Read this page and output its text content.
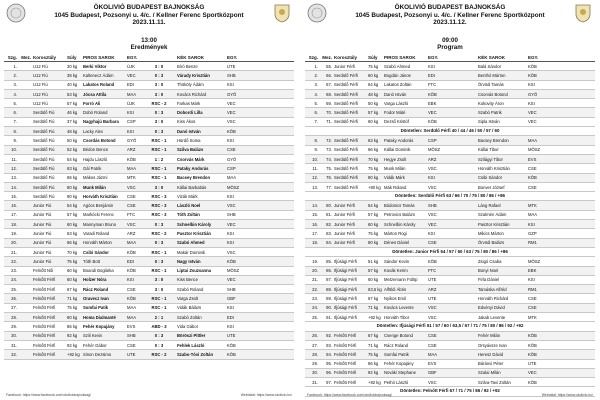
ÖKOLIVIÓ BUDAPEST BAJNOKSÁG
1045 Budapest, Pozsonyi u. 4/c. / Kellner Ferenc Sportközpont
2023.11.11.
13:00
Eredmények
Szg. Mez. Korosztály	Súly	PIROS SAROK	EGY.	KÉK SAROK	EGY.
1.	U12 Fiú	30 kg	Berki Viktor	ÚJK	3 : 0	Bíró Benze	UTE
2.	U12 Fiú	38 kg	Kaltenecz Ádám	VEC	0 : 3	Várady Krisztián	SHB
3.	U12 Fiú	40 kg	Lakatos Roland	EDI	3 : 0	Thököly Ádám	KSI
4.	U12 Fiú	53 kg	Jócsa Attila	MAA	3 : 0	Kovács Richárd	GYÖ
5.	U12 Fiú	57 kg	Forró Ali	ÚJK	RSC - 2	Farkas Márk	VEC
6.	Serdülő Fiú	46 kg	Dobó Roland	KSI	0 : 3	Dobordi Lilla	VEC
7.	Serdülő Fiú	37 kg	Nagyhajú Barbara	CSP	3 : 0	Kiss Ákos	VSC
8.	Serdülő Fiú	48 kg	Lacky Alex	KSI	0 : 3	Danó István	KÖB
9.	Serdülő Fiú	50 kg	Csordás Botond	GYÖ	RSC - 1	Hürdő Soma	KSI
10.	Serdülő Fiú	52 kg	Bédon Bence	ARZ	RSC - 1	Szilva Balázs	CSE
11.	Serdülő Fiú	54 kg	Hajdu László	KÖB	1 : 2	Csorvás Márk	GYÖ
12.	Serdülő Fiú	63 kg	Gál Patrik	MAA	RSC - 1	Pataky Andorás	CSP
13.	Serdülő Fiú	66 kg	Mákos Jázmi	MTK	RSC - 1	Bacsey Brendon	MAA
14.	Serdülő Fiú	80 kg	Munk Milán	VSC	3 : 0	Kállai Barbabás	MÖSZ
15.	Serdülő Fiú	90 kg	Horváth Krisztián	CSE	RSC - 3	Vizák Márk	KSI
16.	Junior Fiú	54 kg	Agócs Benjámin	CSE	RSC - 3	László Noel	VSC
17.	Junior Fiú	57 kg	Markócki Ferenc	FTC	RSC - 3	Tóth Zoltán	SHB
18.	Junior Fiú	60 kg	Mannyman Bruno	VSC	0 : 3	Schnelbin Károly	VEC
19.	Junior Fiú	63 kg	Varadi Roland	ARZ	RSC - 2	Pasztor Krisztián	KSI
20.	Junior Fiú	66 kg	Horváth Márton	MAA	0 : 3	Szabó Ahmed	KSI
21.	Junior Fiú	70 kg	Csibi Sándor	KÖB	RSC - 1	Makár Dominik	VSC
22.	Junior Fiú	75 kg	Tóth Bott	EDI	0 : 3	Nagy István	KÖB
23.	Felnőtt Női	60 kg	Boandi Boglárka	KÖB	RSC - 1	Liptai Zsuzsanna	MÖSZ
24.	Felnőtt Férfi	60 kg	Holzer Nóra	KSI	3 : 0	Kiss Bence	VEC
25.	Felnőtt Férfi	67 kg	Rácz Roland	CSE	3 : 0	Szabó Roland	SHB
26.	Felnőtt Férfi	71 kg	Oravecz Ivan	KÖB	RSC - 1	Varga Zsolt	GBF
27.	Felnőtt Férfi	75 kg	Somfai Patik	MAA	RSC - 1	Vidák Bálázs	KSI
28.	Felnőtt Férfi	80 kg	Homa Dialmanté	MAA	2 : 1	Szabó Zoltán	EDI
29.	Felnőtt Férfi	86 kg	Fehér Kopajány	EVS	ABD - 3	Vida Gábor	KSI
30.	Felnőtt Férfi	92 kg	Szili Kevin	SHB	0 : 3	Böröszi Pittler	UTE
31.	Felnőtt Férfi	92 kg	Fehér Gábor	CSE	0 : 3	Fehlek László	KÖB
32.	Felnőtt Férfi	+92 kg Sinon Dezsimo	UTE	RSC - 2	Szabo-Tóvi Zoltán	KÖB
Facebook: https://www.facebook.com/okoliviobajnoksag/	Weboldal: https://www.okolivio.hu/
ÖKOLIVIÓ BUDAPEST BAJNOKSÁG
1045 Budapest, Pozsonyi u. 4/c. / Kellner Ferenc Sportközpont
2023.11.12.
09:00
Program
Szg. Mez. Korosztály	Súly	PIROS SAROK	EGY.	KÉK SAROK	EGY.
1.	55. Junior Férfi	75 kg	Szabó Ahmed	KSI	Balá Sándor	KÖB
2.	66. Serdülő Férfi	60 kg	Bogdán János	EDI	Benthó Márton	KÖB
3.	67. Serdülő Férfi	64 kg	Lakatos Zoltán	FTC	Örvödi Tamás	KSI
4.	68. Serdülő Férfi	48 kg	Danó István	KÖB	Csorvás Botond	GYÖ
5.	69. Serdülő Férfi	50 kg	Varga László	EBK	Kokovity Áron	KSI
6.	70. Serdülő Férfi	57 kg	Fodor Máté	VEC	Szabó Patrik	VEC
7.	71. Serdülő Férfi	60 kg	Dezső Kristóf	KÖB	Sipla István	VEC
Döntetlen: Serdülő Férfi 40 / 44 / 46 / 50 / 57 / 60
8.	72. Serdülő Férfi	63 kg	Pataky Andorás	CSP	Bacsey Brendon	MAA
9.	73. Serdülő Férfi	66 kg	Kállai Dominik	MÖSZ	Kállai Tibor	MÖSZ
10.	74. Serdülő Férfi	70 kg	Hegye Zsolt	ARZ	Szilágyi Tibor	EVS
11.	75. Serdülő Férfi	75 kg	Munk Milán	VSC	Horváth Krisztián	CSE
12.	76. Serdülő Férfi	80 kg	Vidák Márk	KSI	Csibi Sándor	KÖB
13.	77. Serdülő Férfi	+80 kg Mák Roland	VSC	Bonver József	CSE
Döntetlen: Serdülő Férfi 63 / 66 / 70 / 75 / 80 / 86 / +86
14.	80. Junior Férfi	54 kg	Bódonics Tamás	SHB	Láng Rafael	MTK
15.	81. Junior Férfi	57 kg	Petrovics Balázs	VSC	Szalmén Ádám	MAA
16.	82. Junior Férfi	60 kg	Schnelbin Károly	VEC	Pasztor Krisztián	KSI
17.	83. Junior Férfi	75 kg	Márton Rogi	KSI	Mikics Márton	GZP
18.	84. Junior Férfi	80 kg	Dénes Dániel	CSE	Örvödi Balázs	RM1
Döntetlen: Junior Férfi 54 / 57 / 60 / 63 / 75 / 80 / 86 / +86
19.	85. Ifjúsági Férfi	51 kg	Sándor Kevin	KÖB	Zsigó Csaba	MÖSZ
20.	86. Ifjúsági Férfi	57 kg	Kovák Kerim	FTC	Bonyi Noel	EBK
21.	87. Ifjúsági Férfi	60 kg	Metzemann Fülöp	UTE	Firla Dániel	KSI
22.	88. Ifjúsági Férfi	63,5 kg Alföldi Ábris	ARZ	Tamáska Alfréd	RM1
23.	89. Ifjúsági Férfi	67 kg	Nyikos Emil	UTE	Horváth Richárd	CSE
24.	90. Ifjúsági Férfi	71 kg	Kovács Levente	VSC	Edvényi Dávid	CSE
25.	91. Ifjúsági Férfi	+92 kg Horváth Tibor	VSC	Jakab Levente	MTK
Döntetlen: Ifjúsági Férfi 51 / 57 / 60 / 63,5 / 67 / 71 / 75 / 80 / 86 / 92 / +92
26.	92. Felnőtt Férfi	67 kg	Csenge Botond	CSE	Fehér Milán	KÖB
27.	93. Felnőtt Férfi	71 kg	Rácz Roland	CSE	Orsyávsze Ivan	KÖB
28.	94. Felnőtt Férfi	75 kg	Somfai Patrik	MAA	Heresz Dávid	KÖB
29.	95. Felnőtt Férfi	86 kg	Fehér Kopajány	EVS	Báránvi Péter	UTE
30.	96. Felnőtt Férfi	92 kg	Nováki Stephane	GBF	Szalai Milán	VEC
31.	97. Felnőtt Férfi	+92 kg Pethó László	VSC	Szilva-Tavi Zoltán	KÖB
Döntetlen: Felnőtt Férfi 67 / 71 / 75 / 86 / 92 / +92
Facebook: https://www.facebook.com/okoliviobajnoksag/	Weboldal: https://www.okolivio.hu/
